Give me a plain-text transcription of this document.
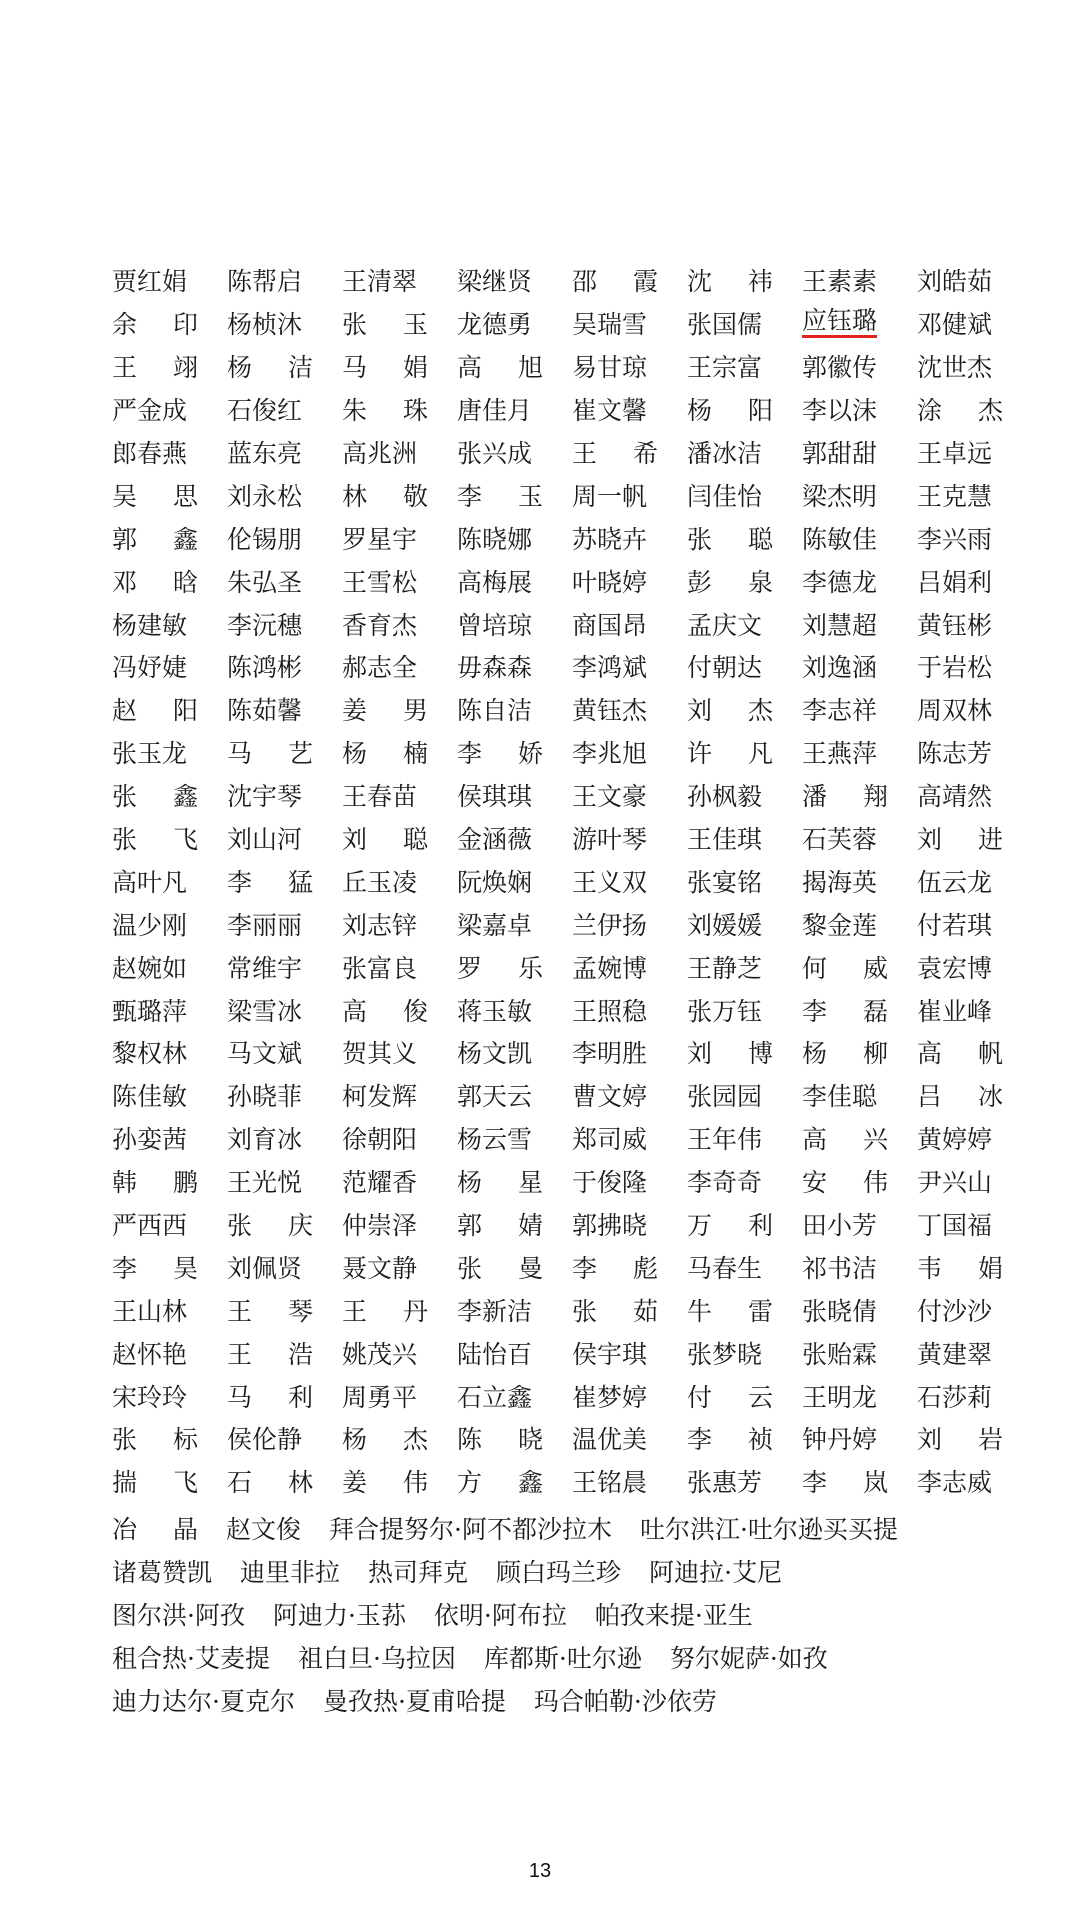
贾红娟 陈帮启 王清翠 梁继贤 邵 霞 沈 祎 王素素 刘皓茹
余 印 杨桢沐 张 玉 龙德勇 吴瑞雪 张国儒 应钰璐 邓健斌
王 翊 杨 洁 马 娟 高 旭 易甘琼 王宗富 郭徽传 沈世杰
严金成 石俊红 朱 珠 唐佳月 崔文馨 杨 阳 李以沫 涂 杰
郎春燕 蓝东亮 高兆洲 张兴成 王 希 潘冰洁 郭甜甜 王卓远
吴 思 刘永松 林 敬 李 玉 周一帆 闫佳怡 梁杰明 王克慧
郭 鑫 伦锡朋 罗星宇 陈晓娜 苏晓卉 张 聪 陈敏佳 李兴雨
邓 晗 朱弘圣 王雪松 高梅展 叶晓婷 彭 泉 李德龙 吕娟利
杨建敏 李沅穗 香育杰 曾培琼 商国昂 孟庆文 刘慧超 黄钰彬
冯妤婕 陈鸿彬 郝志全 毋森森 李鸿斌 付朝达 刘逸涵 于岩松
赵 阳 陈茹馨 姜 男 陈自洁 黄钰杰 刘 杰 李志祥 周双林
张玉龙 马 艺 杨 楠 李 娇 李兆旭 许 凡 王燕萍 陈志芳
张 鑫 沈宇琴 王春苗 侯琪琪 王文豪 孙枫毅 潘 翔 高靖然
张 飞 刘山河 刘 聪 金涵薇 游叶琴 王佳琪 石芙蓉 刘 进
高叶凡 李 猛 丘玉凌 阮焕娴 王义双 张宴铭 揭海英 伍云龙
温少刚 李丽丽 刘志锌 梁嘉卓 兰伊扬 刘媛媛 黎金莲 付若琪
赵婉如 常维宇 张富良 罗 乐 孟婉博 王静芝 何 威 袁宏博
甄璐萍 梁雪冰 高 俊 蒋玉敏 王照稳 张万钰 李 磊 崔业峰
黎权林 马文斌 贺其义 杨文凯 李明胜 刘 博 杨 柳 高 帆
陈佳敏 孙晓菲 柯发辉 郭天云 曹文婷 张园园 李佳聪 吕 冰
孙娈茜 刘育冰 徐朝阳 杨云雪 郑司威 王年伟 高 兴 黄婷婷
韩 鹏 王光悦 范耀香 杨 星 于俊隆 李奇奇 安 伟 尹兴山
严西西 张 庆 仲崇泽 郭 婧 郭拂晓 万 利 田小芳 丁国福
李 昊 刘佩贤 聂文静 张 曼 李 彪 马春生 祁书洁 韦 娟
王山林 王 琴 王 丹 李新洁 张 茹 牛 雷 张晓倩 付沙沙
赵怀艳 王 浩 姚茂兴 陆怡百 侯宇琪 张梦晓 张贻霖 黄建翠
宋玲玲 马 利 周勇平 石立鑫 崔梦婷 付 云 王明龙 石莎莉
张 标 侯伦静 杨 杰 陈 晓 温优美 李 祯 钟丹婷 刘 岩
揣 飞 石 林 姜 伟 方 鑫 王铭晨 张惠芳 李 岚 李志威
冶 晶 赵文俊 拜合提努尔·阿不都沙拉木 吐尔洪江·吐尔逊买买提
诸葛赞凯 迪里非拉 热司拜克 顾白玛兰珍 阿迪拉·艾尼
图尔洪·阿孜 阿迪力·玉荪 依明·阿布拉 帕孜来提·亚生
租合热·艾麦提 祖白旦·乌拉因 库都斯·吐尔逊 努尔妮萨·如孜
迪力达尔·夏克尔 曼孜热·夏甫哈提 玛合帕勒·沙依劳
13
